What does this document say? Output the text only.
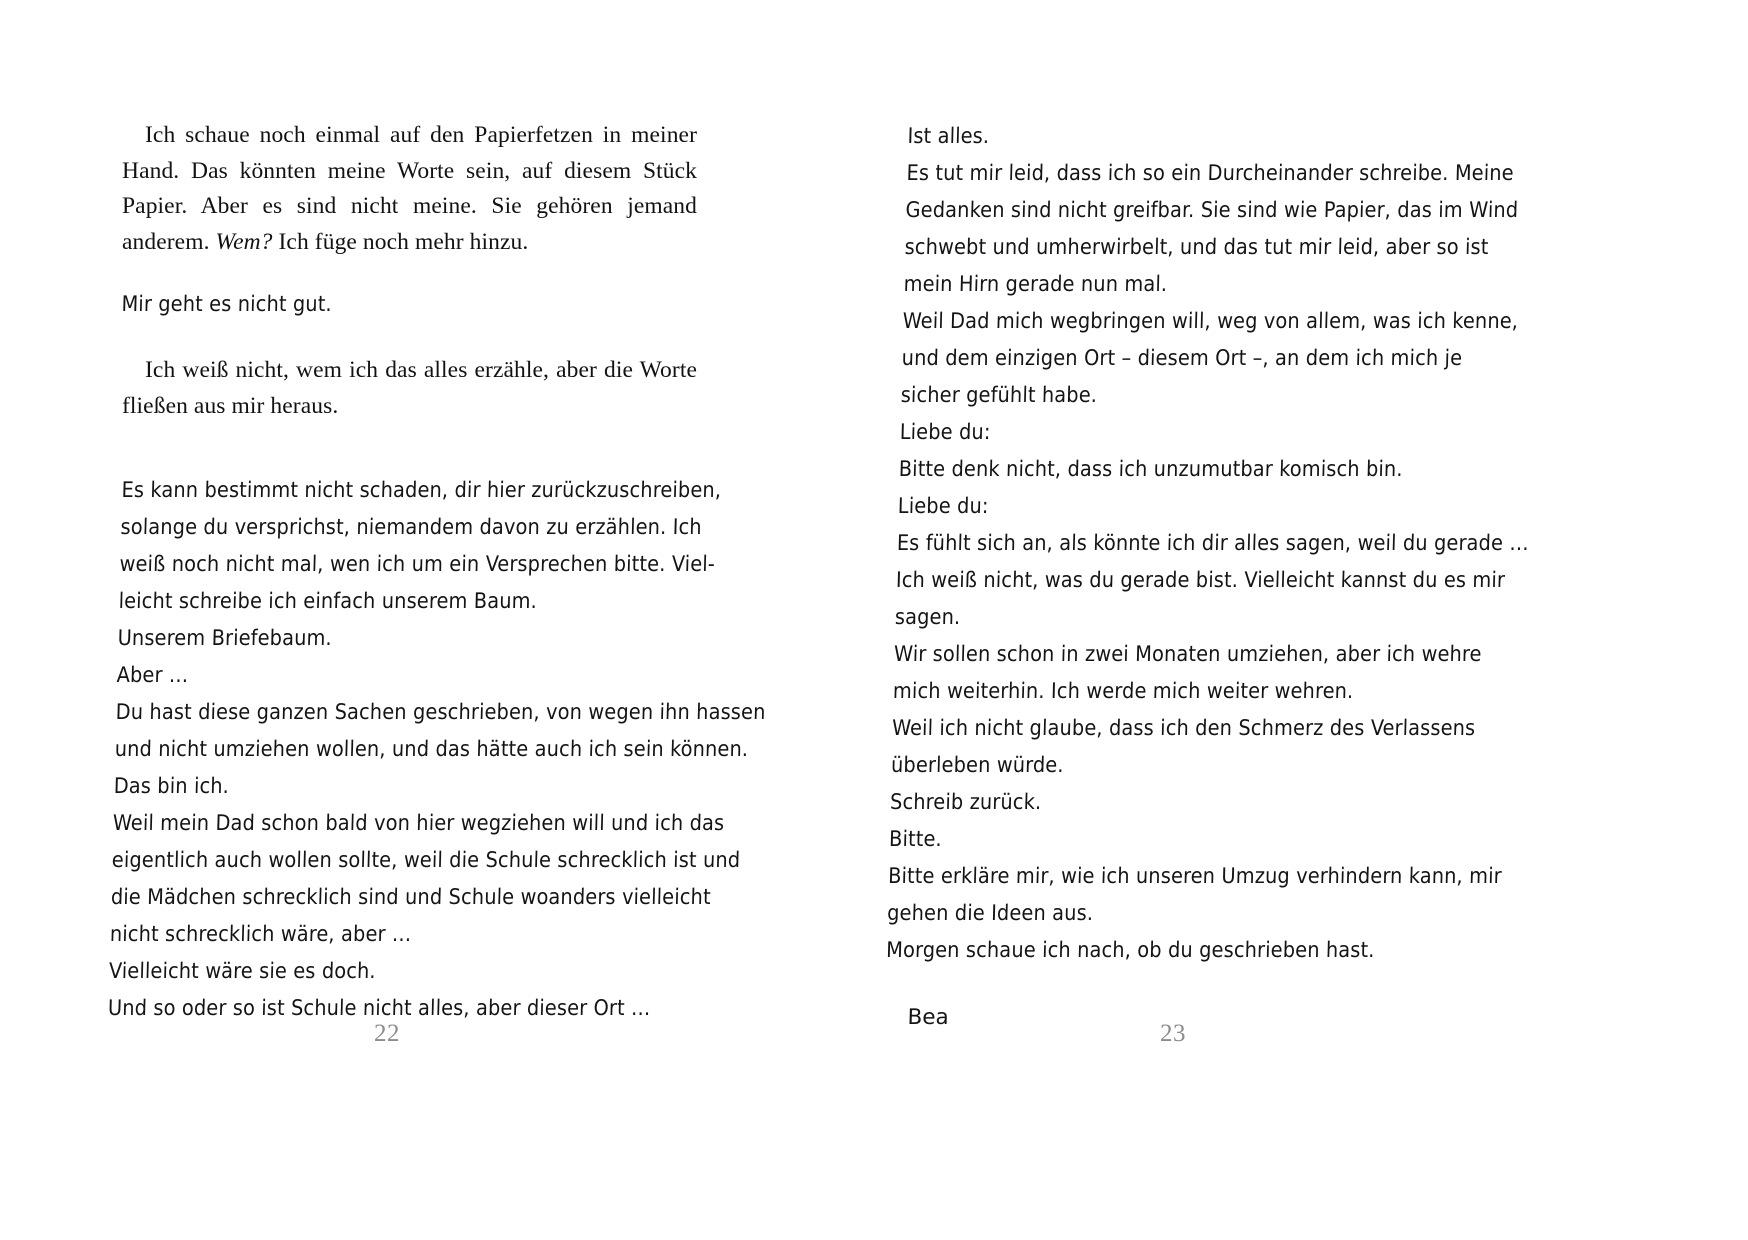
Ich schaue noch einmal auf den Papierfetzen in meiner Hand. Das könnten meine Worte sein, auf diesem Stück Papier. Aber es sind nicht meine. Sie gehören jemand anderem. Wem? Ich füge noch mehr hinzu.

Mir geht es nicht gut.

Ich weiß nicht, wem ich das alles erzähle, aber die Worte fließen aus mir heraus.

Es kann bestimmt nicht schaden, dir hier zurückzuschreiben,
solange du versprichst, niemandem davon zu erzählen. Ich
weiß noch nicht mal, wen ich um ein Versprechen bitte. Viel-
leicht schreibe ich einfach unserem Baum.
Unserem Briefebaum.
Aber …
Du hast diese ganzen Sachen geschrieben, von wegen ihn hassen
und nicht umziehen wollen, und das hätte auch ich sein können.
Das bin ich.
Weil mein Dad schon bald von hier wegziehen will und ich das
eigentlich auch wollen sollte, weil die Schule schrecklich ist und
die Mädchen schrecklich sind und Schule woanders vielleicht
nicht schrecklich wäre, aber …
Vielleicht wäre sie es doch.
Und so oder so ist Schule nicht alles, aber dieser Ort …
22
Ist alles.
Es tut mir leid, dass ich so ein Durcheinander schreibe. Meine
Gedanken sind nicht greifbar. Sie sind wie Papier, das im Wind
schwebt und umherwirbelt, und das tut mir leid, aber so ist
mein Hirn gerade nun mal.
Weil Dad mich wegbringen will, weg von allem, was ich kenne,
und dem einzigen Ort – diesem Ort –, an dem ich mich je
sicher gefühlt habe.
Liebe du:
Bitte denk nicht, dass ich unzumutbar komisch bin.
Liebe du:
Es fühlt sich an, als könnte ich dir alles sagen, weil du gerade …
Ich weiß nicht, was du gerade bist. Vielleicht kannst du es mir
sagen.
Wir sollen schon in zwei Monaten umziehen, aber ich wehre
mich weiterhin. Ich werde mich weiter wehren.
Weil ich nicht glaube, dass ich den Schmerz des Verlassens
überleben würde.
Schreib zurück.
Bitte.
Bitte erkläre mir, wie ich unseren Umzug verhindern kann, mir
gehen die Ideen aus.
Morgen schaue ich nach, ob du geschrieben hast.
Bea
23
